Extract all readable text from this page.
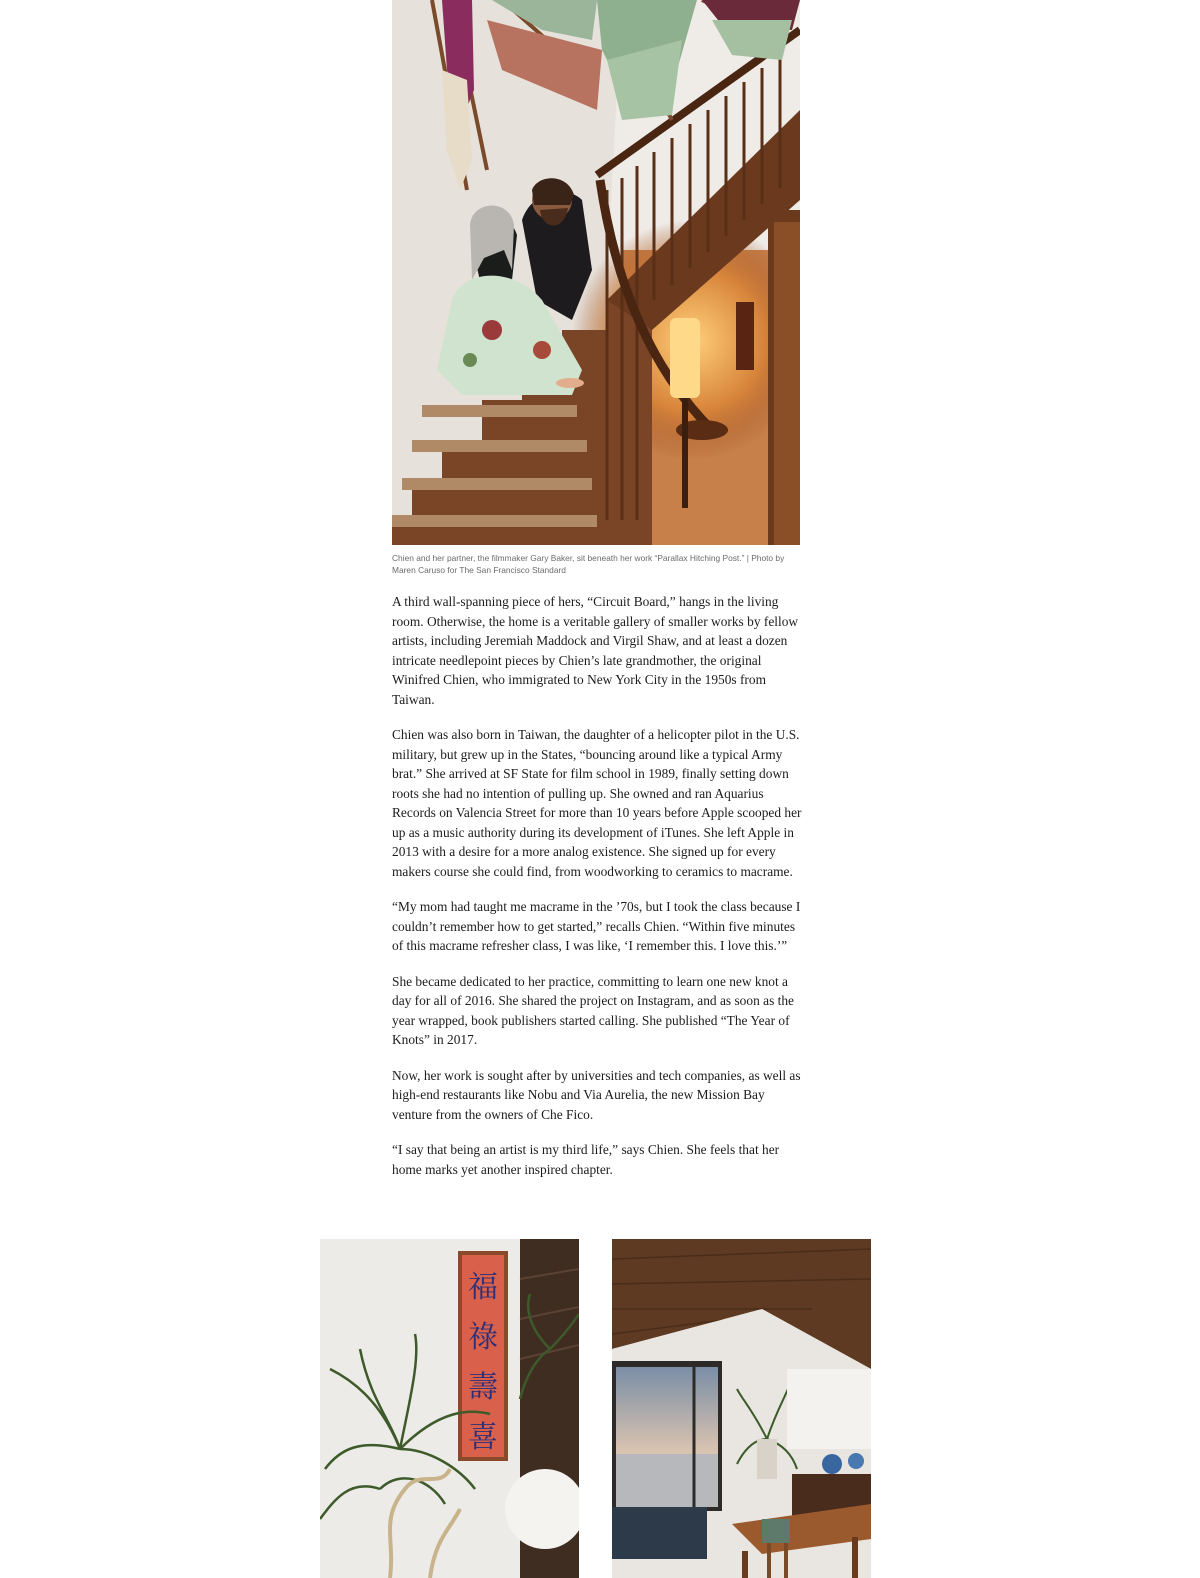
Chien and her partner, the filmmaker Gary Baker, sit beneath her work “Parallax Hitching Post.” | Photo by Maren Caruso for The San Francisco Standard

A third wall-spanning piece of hers, “Circuit Board,” hangs in the living room. Otherwise, the home is a veritable gallery of smaller works by fellow artists, including Jeremiah Maddock and Virgil Shaw, and at least a dozen intricate needlepoint pieces by Chien’s late grandmother, the original Winifred Chien, who immigrated to New York City in the 1950s from Taiwan.

Chien was also born in Taiwan, the daughter of a helicopter pilot in the U.S. military, but grew up in the States, “bouncing around like a typical Army brat.” She arrived at SF State for film school in 1989, finally setting down roots she had no intention of pulling up. She owned and ran Aquarius Records on Valencia Street for more than 10 years before Apple scooped her up as a music authority during its development of iTunes. She left Apple in 2013 with a desire for a more analog existence. She signed up for every makers course she could find, from woodworking to ceramics to macrame.

“My mom had taught me macrame in the ’70s, but I took the class because I couldn’t remember how to get started,” recalls Chien. “Within five minutes of this macrame refresher class, I was like, ‘I remember this. I love this.’”

She became dedicated to her practice, committing to learn one new knot a day for all of 2016. She shared the project on Instagram, and as soon as the year wrapped, book publishers started calling. She published “The Year of Knots” in 2017.

Now, her work is sought after by universities and tech companies, as well as high-end restaurants like Nobu and Via Aurelia, the new Mission Bay venture from the owners of Che Fico.

“I say that being an artist is my third life,” says Chien. She feels that her home marks yet another inspired chapter.

福
祿
壽
喜
